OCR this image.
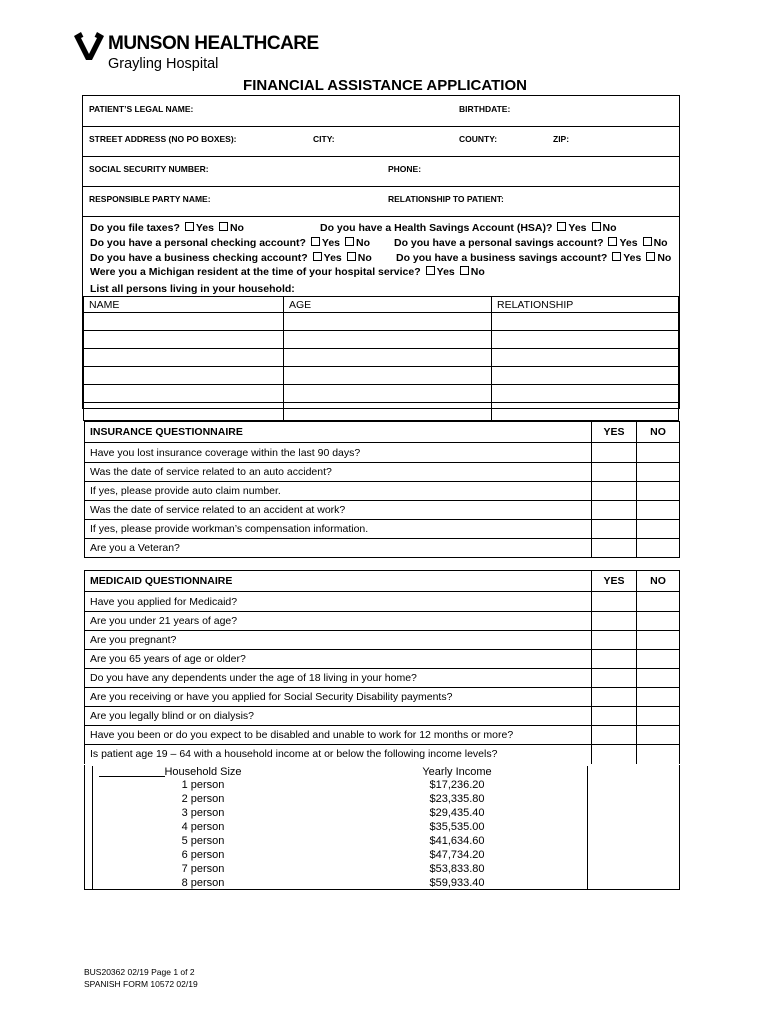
MUNSON HEALTHCARE
Grayling Hospital
FINANCIAL ASSISTANCE APPLICATION
PATIENT’S LEGAL NAME:	BIRTHDATE:
STREET ADDRESS (NO PO BOXES):	CITY:	COUNTY:	ZIP:
SOCIAL SECURITY NUMBER:	PHONE:
RESPONSIBLE PARTY NAME:	RELATIONSHIP TO PATIENT:
Do you file taxes? Yes No	Do you have a Health Savings Account (HSA)? Yes No
Do you have a personal checking account? Yes No Do you have a personal savings account? Yes No
Do you have a business checking account? Yes No Do you have a business savings account? Yes No
Were you a Michigan resident at the time of your hospital service? Yes No
List all persons living in your household:
NAME	AGE	RELATIONSHIP

INSURANCE QUESTIONNAIRE	YES	NO
Have you lost insurance coverage within the last 90 days?		
Was the date of service related to an auto accident?		
If yes, please provide auto claim number.		
Was the date of service related to an accident at work?		
If yes, please provide workman’s compensation information.		
Are you a Veteran?		
MEDICAID QUESTIONNAIRE	YES	NO
Have you applied for Medicaid?		
Are you under 21 years of age?		
Are you pregnant?		
Are you 65 years of age or older?		
Do you have any dependents under the age of 18 living in your home?		
Are you receiving or have you applied for Social Security Disability payments?		
Are you legally blind or on dialysis?		
Have you been or do you expect to be disabled and unable to work for 12 months or more?		
Is patient age 19 – 64 with a household income at or below the following income levels?		
Household Size	Yearly Income
1 person	$17,236.20
2 person	$23,335.80
3 person	$29,435.40
4 person	$35,535.00
5 person	$41,634.60
6 person	$47,734.20
7 person	$53,833.80
8 person	$59,933.40
BUS20362 02/19 Page 1 of 2
SPANISH FORM 10572 02/19
